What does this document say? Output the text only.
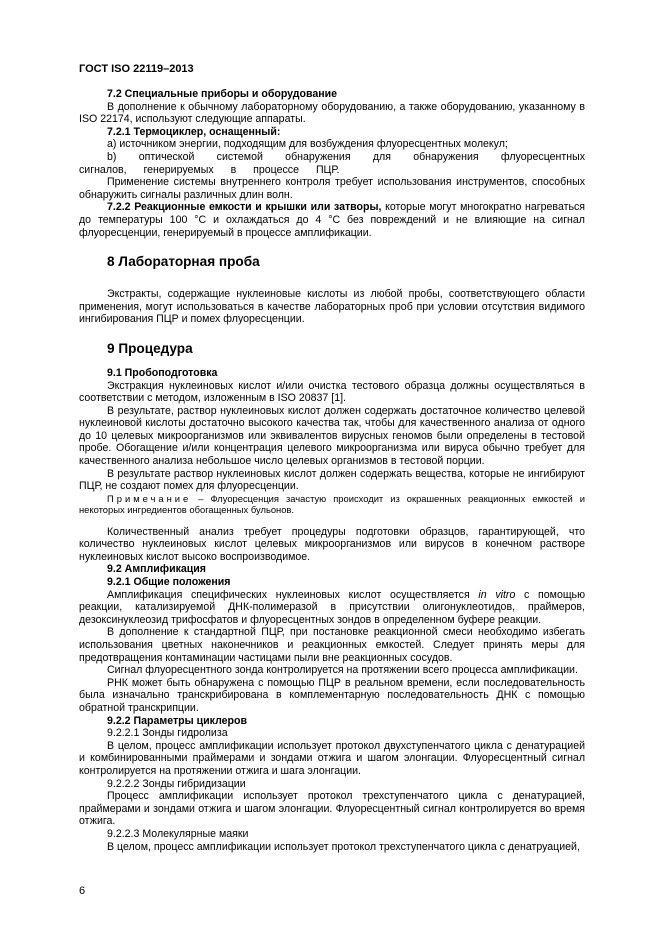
ГОСТ ISO 22119–2013

7.2 Специальные приборы и оборудование

В дополнение к обычному лабораторному оборудованию, а также оборудованию, указанному в ISO 22174, используют следующие аппараты.

7.2.1 Термоциклер, оснащенный:

а) источником энергии, подходящим для возбуждения флуоресцентных молекул;

b) оптической системой обнаружения для обнаружения флуоресцентных сигналов, генерируемых в процессе ПЦР.

Применение системы внутреннего контроля требует использования инструментов, способных обнаружить сигналы различных длин волн.

7.2.2 Реакционные емкости и крышки или затворы, которые могут многократно нагреваться до температуры 100 °С и охлаждаться до 4 °С без повреждений и не влияющие на сигнал флуоресценции, генерируемый в процессе амплификации.

8 Лабораторная проба

Экстракты, содержащие нуклеиновые кислоты из любой пробы, соответствующего области применения, могут использоваться в качестве лабораторных проб при условии отсутствия видимого ингибирования ПЦР и помех флуоресценции.

9 Процедура

9.1 Пробоподготовка

Экстракция нуклеиновых кислот и/или очистка тестового образца должны осуществляться в соответствии с методом, изложенным в ISO 20837 [1].

В результате, раствор нуклеиновых кислот должен содержать достаточное количество целевой нуклеиновой кислоты достаточно высокого качества так, чтобы для качественного анализа от одного до 10 целевых микроорганизмов или эквивалентов вирусных геномов были определены в тестовой пробе. Обогащение и/или концентрация целевого микроорганизма или вируса обычно требует для качественного анализа небольшое число целевых организмов в тестовой порции.

В результате раствор нуклеиновых кислот должен содержать вещества, которые не ингибируют ПЦР, не создают помех для флуоресценции.

Примечание – Флуоресценция зачастую происходит из окрашенных реакционных емкостей и некоторых ингредиентов обогащенных бульонов.

Количественный анализ требует процедуры подготовки образцов, гарантирующей, что количество нуклеиновых кислот целевых микроорганизмов или вирусов в конечном растворе нуклеиновых кислот высоко воспроизводимое.

9.2 Амплификация

9.2.1 Общие положения

Амплификация специфических нуклеиновых кислот осуществляется in vitro с помощью реакции, катализируемой ДНК-полимеразой в присутствии олигонуклеотидов, праймеров, дезоксинуклеозид трифосфатов и флуоресцентных зондов в определенном буфере реакции.

В дополнение к стандартной ПЦР, при постановке реакционной смеси необходимо избегать использования цветных наконечников и реакционных емкостей. Следует принять меры для предотвращения контаминации частицами пыли вне реакционных сосудов.

Сигнал флуоресцентного зонда контролируется на протяжении всего процесса амплификации.

РНК может быть обнаружена с помощью ПЦР в реальном времени, если последовательность была изначально транскрибирована в комплементарную последовательность ДНК с помощью обратной транскрипции.

9.2.2 Параметры циклеров

9.2.2.1 Зонды гидролиза

В целом, процесс амплификации использует протокол двухступенчатого цикла с денатурацией и комбинированными праймерами и зондами отжига и шагом элонгации. Флуоресцентный сигнал контролируется на протяжении отжига и шага элонгации.

9.2.2.2 Зонды гибридизации

Процесс амплификации использует протокол трехступенчатого цикла с денатурацией, праймерами и зондами отжига и шагом элонгации. Флуоресцентный сигнал контролируется во время отжига.

9.2.2.3 Молекулярные маяки

В целом, процесс амплификации использует протокол трехступенчатого цикла с денатруацией,

6
